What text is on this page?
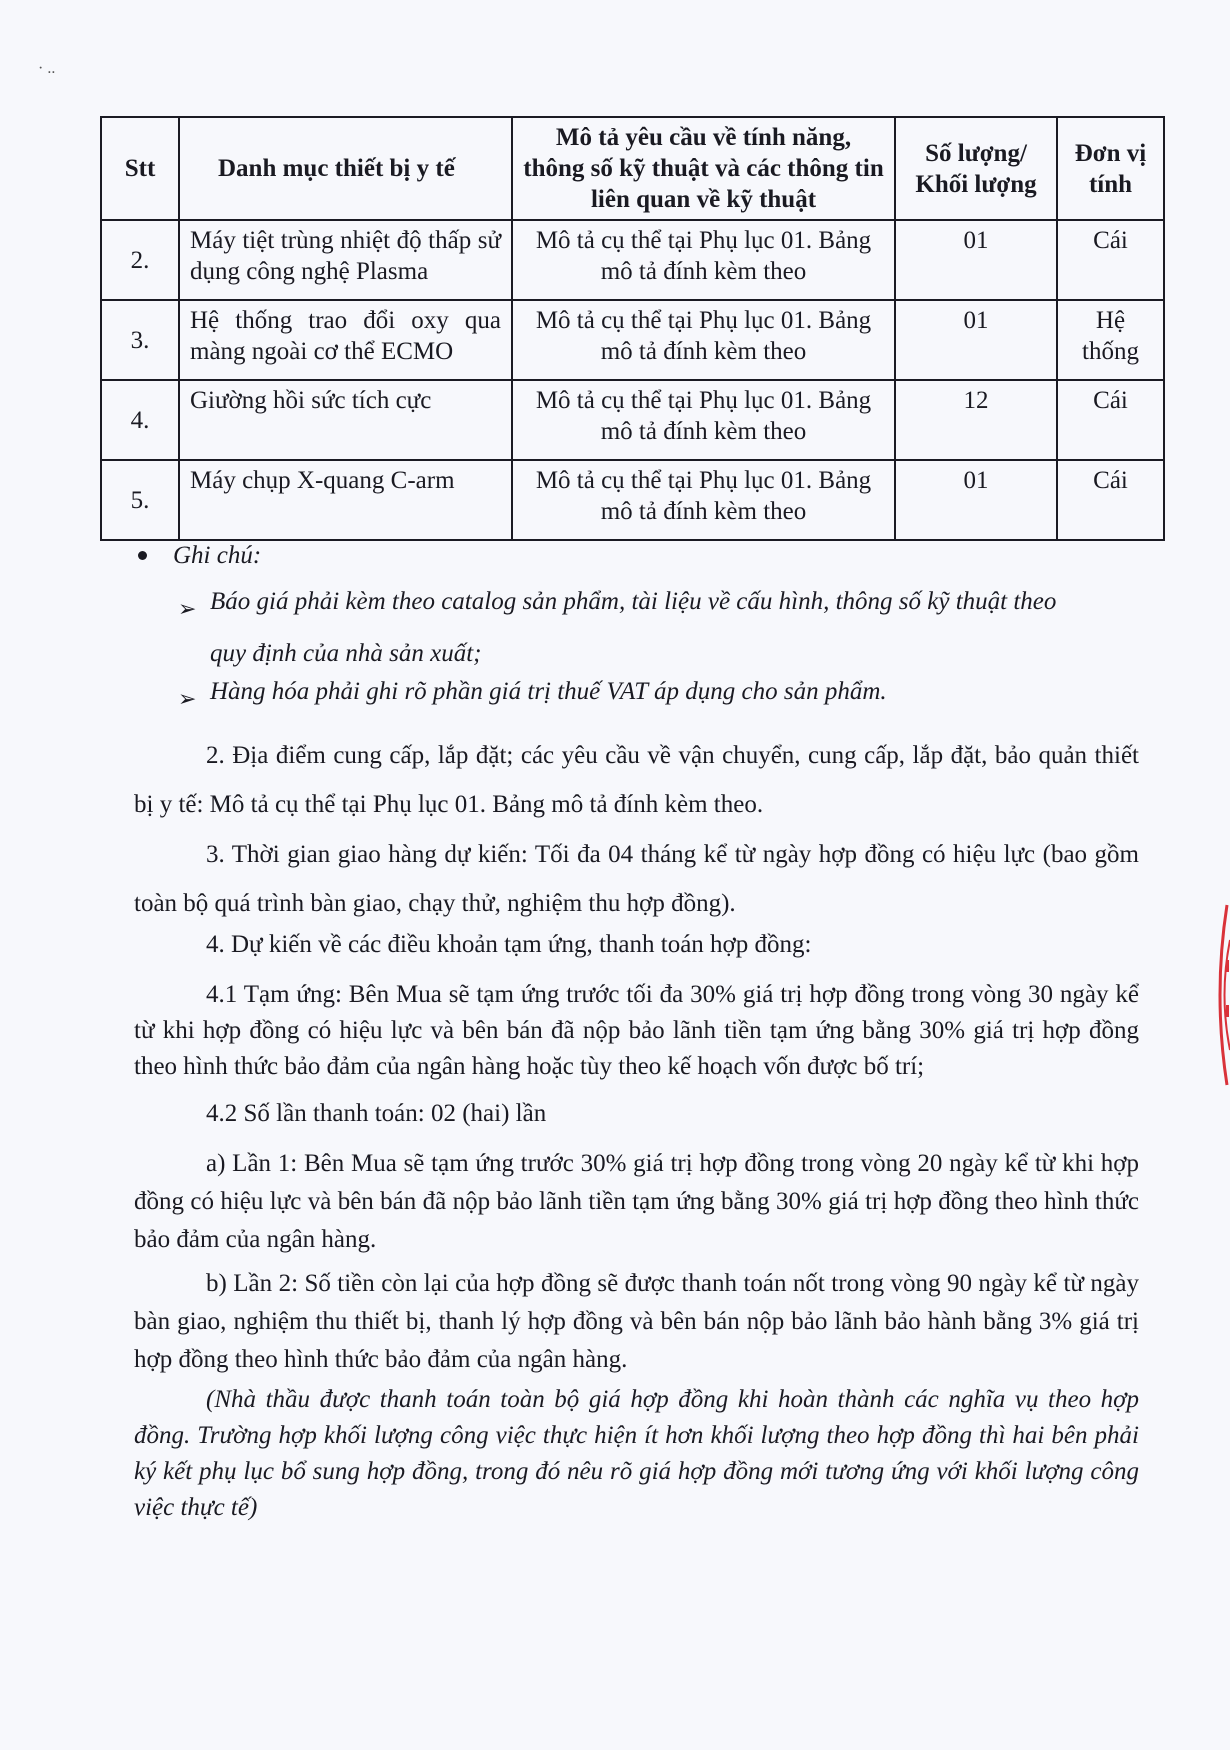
· ..
Stt	Danh mục thiết bị y tế	Mô tả yêu cầu về tính năng, thông số kỹ thuật và các thông tin liên quan về kỹ thuật	Số lượng/ Khối lượng	Đơn vị tính
2.	Máy tiệt trùng nhiệt độ thấp sử dụng công nghệ Plasma	Mô tả cụ thể tại Phụ lục 01. Bảng mô tả đính kèm theo	01	Cái
3.	Hệ thống trao đổi oxy qua màng ngoài cơ thể ECMO	Mô tả cụ thể tại Phụ lục 01. Bảng mô tả đính kèm theo	01	Hệ thống
4.	Giường hồi sức tích cực	Mô tả cụ thể tại Phụ lục 01. Bảng mô tả đính kèm theo	12	Cái
5.	Máy chụp X-quang C-arm	Mô tả cụ thể tại Phụ lục 01. Bảng mô tả đính kèm theo	01	Cái
Ghi chú:
➢ Báo giá phải kèm theo catalog sản phẩm, tài liệu về cấu hình, thông số kỹ thuật theo
quy định của nhà sản xuất;
➢ Hàng hóa phải ghi rõ phần giá trị thuế VAT áp dụng cho sản phẩm.
2. Địa điểm cung cấp, lắp đặt; các yêu cầu về vận chuyển, cung cấp, lắp đặt, bảo quản thiết bị y tế: Mô tả cụ thể tại Phụ lục 01. Bảng mô tả đính kèm theo.
3. Thời gian giao hàng dự kiến: Tối đa 04 tháng kể từ ngày hợp đồng có hiệu lực (bao gồm toàn bộ quá trình bàn giao, chạy thử, nghiệm thu hợp đồng).
4. Dự kiến về các điều khoản tạm ứng, thanh toán hợp đồng:
4.1 Tạm ứng: Bên Mua sẽ tạm ứng trước tối đa 30% giá trị hợp đồng trong vòng 30 ngày kể từ khi hợp đồng có hiệu lực và bên bán đã nộp bảo lãnh tiền tạm ứng bằng 30% giá trị hợp đồng theo hình thức bảo đảm của ngân hàng hoặc tùy theo kế hoạch vốn được bố trí;
4.2 Số lần thanh toán: 02 (hai) lần
a) Lần 1: Bên Mua sẽ tạm ứng trước 30% giá trị hợp đồng trong vòng 20 ngày kể từ khi hợp đồng có hiệu lực và bên bán đã nộp bảo lãnh tiền tạm ứng bằng 30% giá trị hợp đồng theo hình thức bảo đảm của ngân hàng.
b) Lần 2: Số tiền còn lại của hợp đồng sẽ được thanh toán nốt trong vòng 90 ngày kể từ ngày bàn giao, nghiệm thu thiết bị, thanh lý hợp đồng và bên bán nộp bảo lãnh bảo hành bằng 3% giá trị hợp đồng theo hình thức bảo đảm của ngân hàng.
(Nhà thầu được thanh toán toàn bộ giá hợp đồng khi hoàn thành các nghĩa vụ theo hợp đồng. Trường hợp khối lượng công việc thực hiện ít hơn khối lượng theo hợp đồng thì hai bên phải ký kết phụ lục bổ sung hợp đồng, trong đó nêu rõ giá hợp đồng mới tương ứng với khối lượng công việc thực tế)
